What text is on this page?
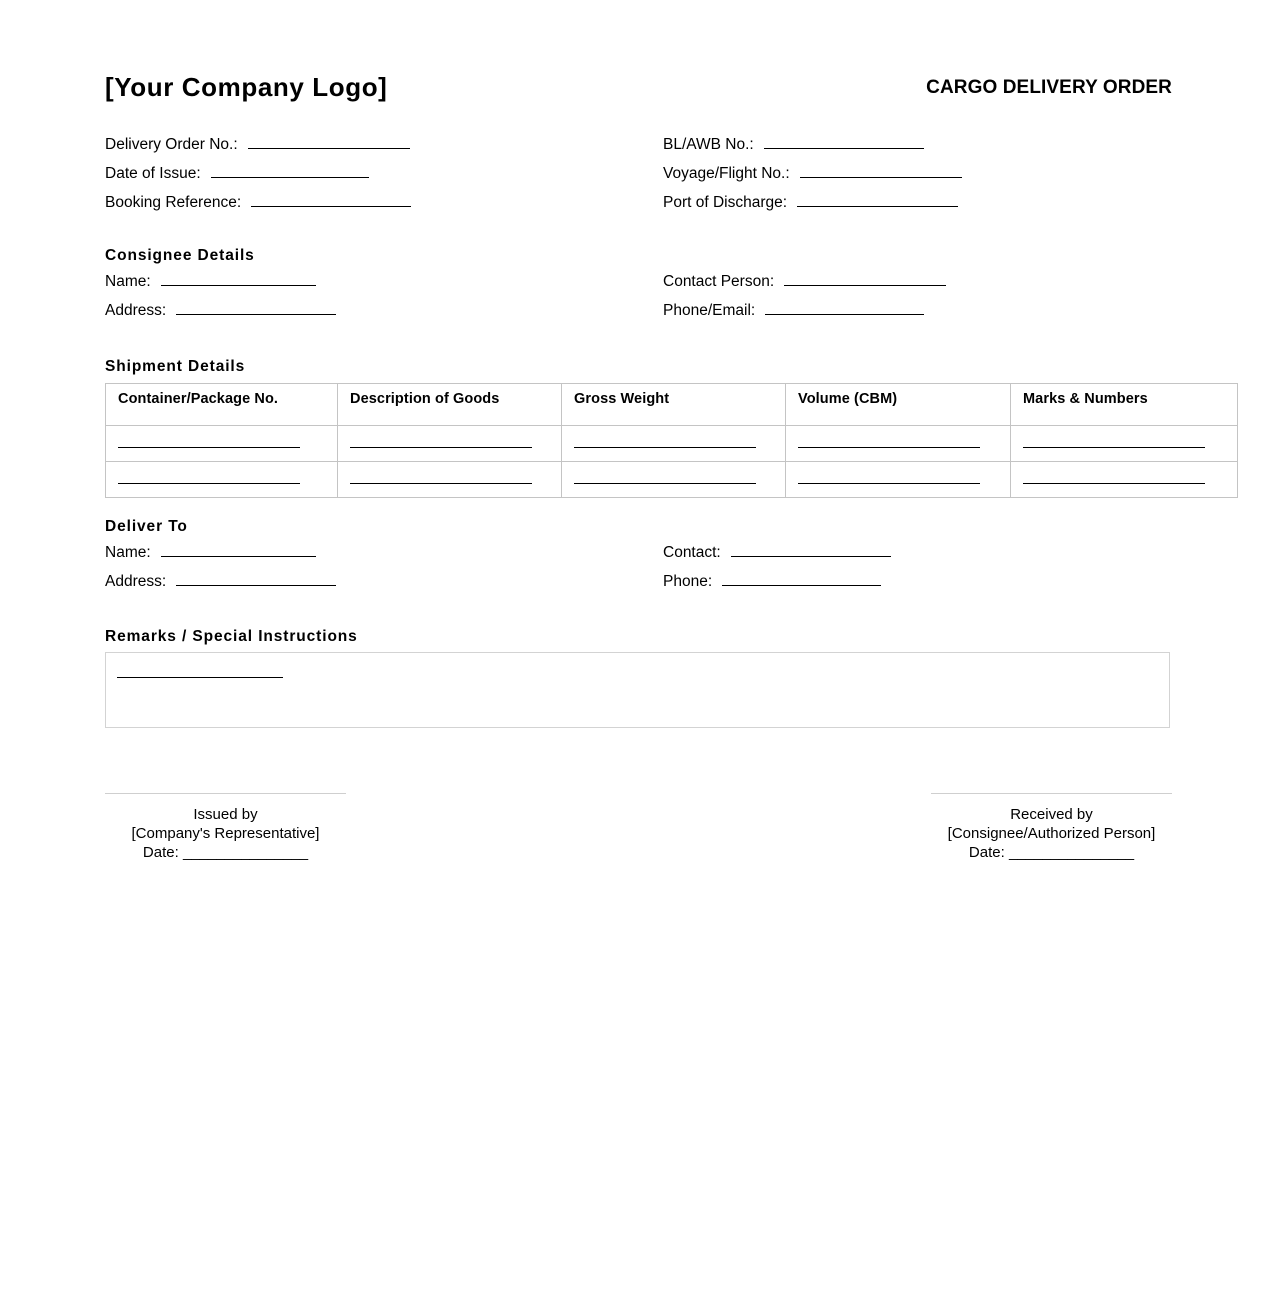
[Your Company Logo]	CARGO DELIVERY ORDER
Delivery Order No.:
Date of Issue:
Booking Reference:
BL/AWB No.:
Voyage/Flight No.:
Port of Discharge:
Consignee Details
Name:
Address:
Contact Person:
Phone/Email:
Shipment Details
Container/Package No.	Description of Goods	Gross Weight	Volume (CBM)	Marks & Numbers

Deliver To
Name:
Address:
Contact:
Phone:
Remarks / Special Instructions
Issued by
[Company's Representative]
Date: _______________
Received by
[Consignee/Authorized Person]
Date: _______________
